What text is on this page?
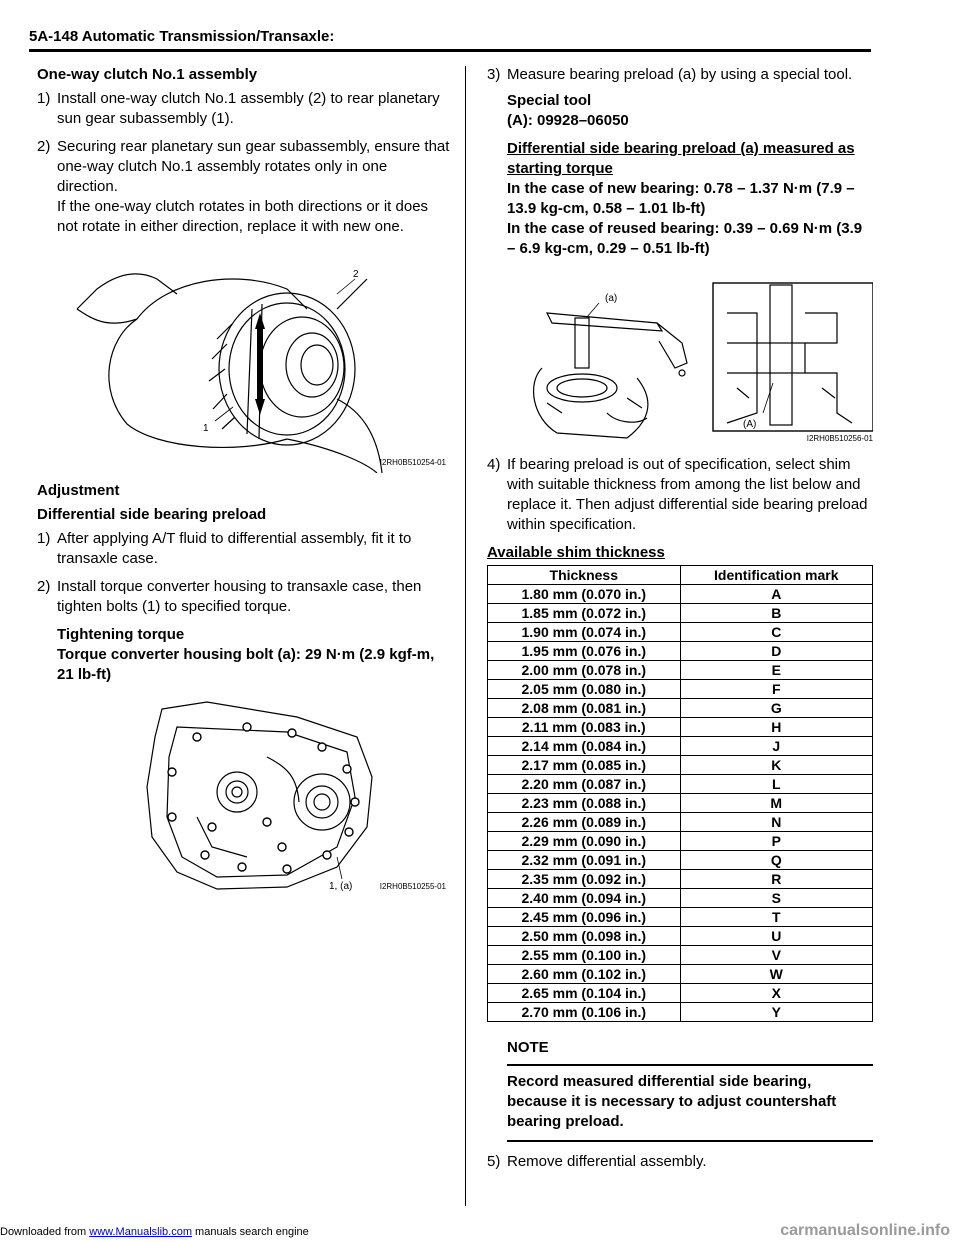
5A-148 Automatic Transmission/Transaxle:

One-way clutch No.1 assembly

1) Install one-way clutch No.1 assembly (2) to rear planetary sun gear subassembly (1).
2) Securing rear planetary sun gear subassembly, ensure that one-way clutch No.1 assembly rotates only in one direction.
If the one-way clutch rotates in both directions or it does not rotate in either direction, replace it with new one.
2
1
I2RH0B510254-01

Adjustment

Differential side bearing preload

1) After applying A/T fluid to differential assembly, fit it to transaxle case.
2) Install torque converter housing to transaxle case, then tighten bolts (1) to specified torque.

Tightening torque

Torque converter housing bolt (a): 29 N·m (2.9 kgf-m, 21 lb-ft)

1, (a)	I2RH0B510255-01
3) Measure bearing preload (a) by using a special tool.

Special tool

(A): 09928–06050

Differential side bearing preload (a) measured as starting torque

In the case of new bearing: 0.78 – 1.37 N·m (7.9 – 13.9 kg-cm, 0.58 – 1.01 lb-ft)

In the case of reused bearing: 0.39 – 0.69 N·m (3.9 – 6.9 kg-cm, 0.29 – 0.51 lb-ft)

(a)
(A)
I2RH0B510256-01
4) If bearing preload is out of specification, select shim with suitable thickness from among the list below and replace it. Then adjust differential side bearing preload within specification.

Available shim thickness

Thickness	Identification mark
1.80 mm (0.070 in.)	A
1.85 mm (0.072 in.)	B
1.90 mm (0.074 in.)	C
1.95 mm (0.076 in.)	D
2.00 mm (0.078 in.)	E
2.05 mm (0.080 in.)	F
2.08 mm (0.081 in.)	G
2.11 mm (0.083 in.)	H
2.14 mm (0.084 in.)	J
2.17 mm (0.085 in.)	K
2.20 mm (0.087 in.)	L
2.23 mm (0.088 in.)	M
2.26 mm (0.089 in.)	N
2.29 mm (0.090 in.)	P
2.32 mm (0.091 in.)	Q
2.35 mm (0.092 in.)	R
2.40 mm (0.094 in.)	S
2.45 mm (0.096 in.)	T
2.50 mm (0.098 in.)	U
2.55 mm (0.100 in.)	V
2.60 mm (0.102 in.)	W
2.65 mm (0.104 in.)	X
2.70 mm (0.106 in.)	Y

NOTE

Record measured differential side bearing, because it is necessary to adjust countershaft bearing preload.

5) Remove differential assembly.
Downloaded from www.Manualslib.com manuals search engine	carmanualsonline.info
